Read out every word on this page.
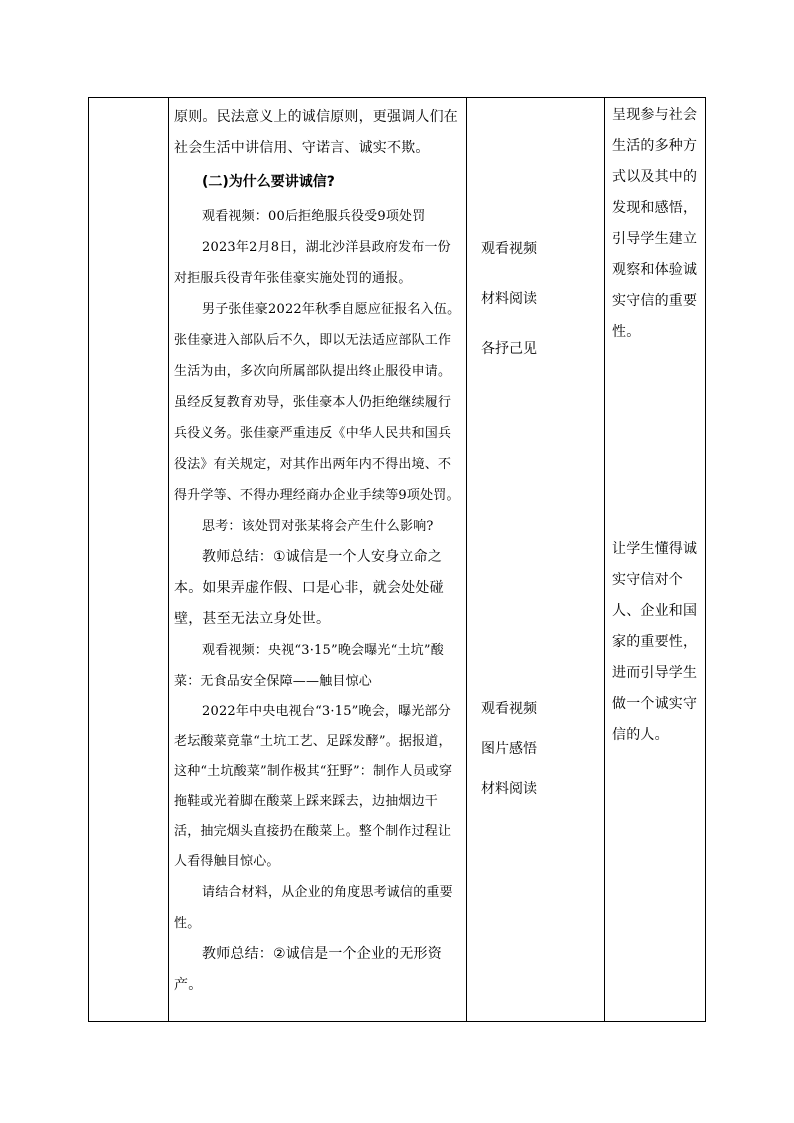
原则。民法意义上的诚信原则，更强调人们在社会生活中讲信用、守诺言、诚实不欺。

(二)为什么要讲诚信?

观看视频：00后拒绝服兵役受9项处罚

2023年2月8日，湖北沙洋县政府发布一份对拒服兵役青年张佳豪实施处罚的通报。

男子张佳豪2022年秋季自愿应征报名入伍。张佳豪进入部队后不久，即以无法适应部队工作生活为由，多次向所属部队提出终止服役申请。虽经反复教育劝导，张佳豪本人仍拒绝继续履行兵役义务。张佳豪严重违反《中华人民共和国兵役法》有关规定，对其作出两年内不得出境、不得升学等、不得办理经商办企业手续等9项处罚。

思考：该处罚对张某将会产生什么影响?

教师总结：①诚信是一个人安身立命之本。如果弄虚作假、口是心非，就会处处碰壁，甚至无法立身处世。

观看视频：央视“3·15”晚会曝光“土坑”酸菜：无食品安全保障——触目惊心

2022年中央电视台“3·15”晚会，曝光部分老坛酸菜竟靠“土坑工艺、足踩发酵”。据报道，这种“土坑酸菜”制作极其“狂野”：制作人员或穿拖鞋或光着脚在酸菜上踩来踩去，边抽烟边干活，抽完烟头直接扔在酸菜上。整个制作过程让人看得触目惊心。

请结合材料，从企业的角度思考诚信的重要性。

教师总结：②诚信是一个企业的无形资产。

观看视频

材料阅读

各抒己见

观看视频

图片感悟

材料阅读

呈现参与社会生活的多种方式以及其中的发现和感悟，引导学生建立观察和体验诚实守信的重要性。

让学生懂得诚实守信对个人、企业和国家的重要性，进而引导学生做一个诚实守信的人。
